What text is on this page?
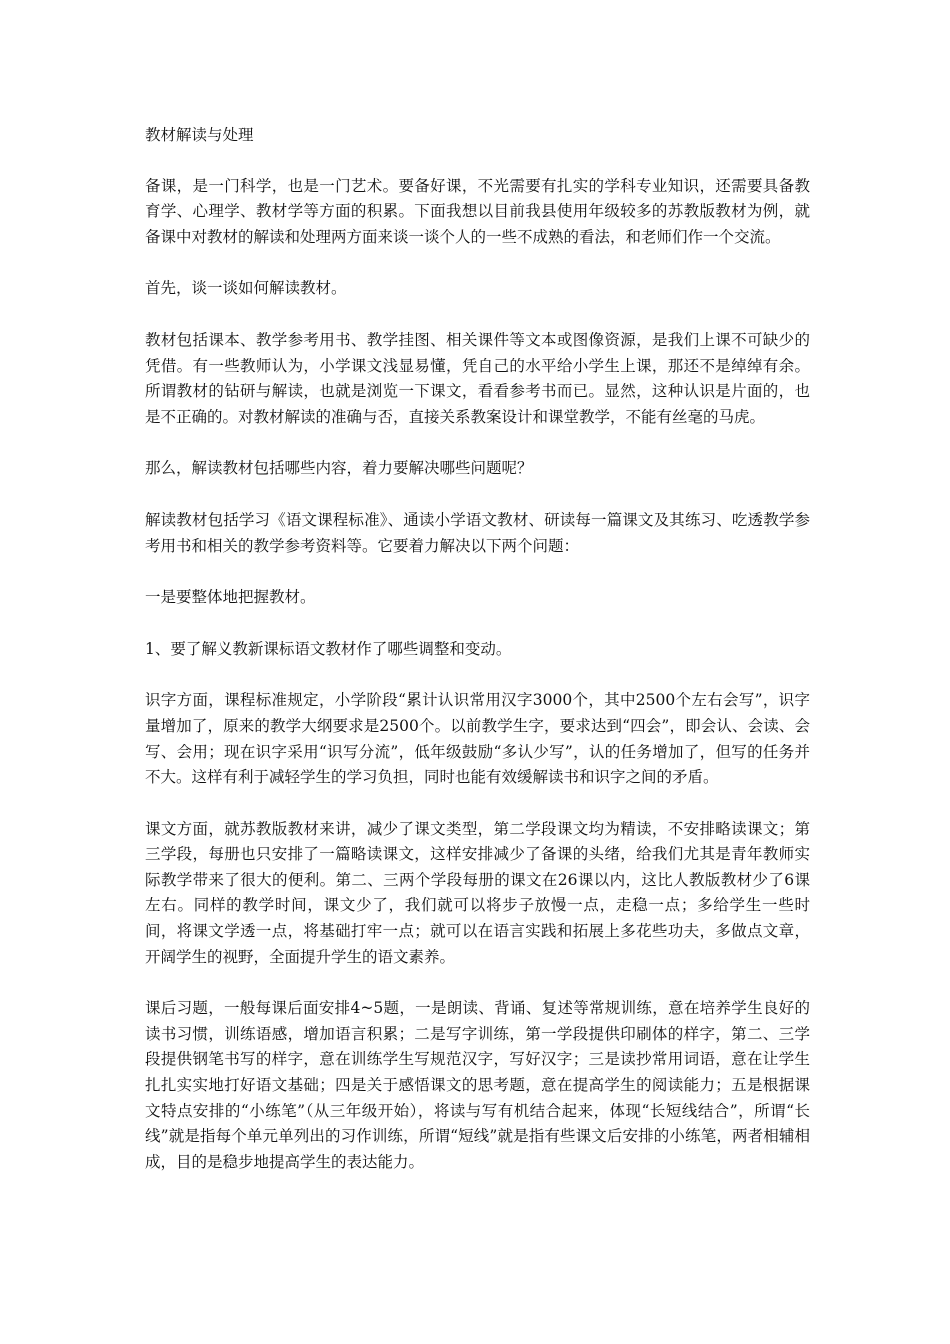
教材解读与处理

备课，是一门科学，也是一门艺术。要备好课，不光需要有扎实的学科专业知识，还需要具备教育学、心理学、教材学等方面的积累。下面我想以目前我县使用年级较多的苏教版教材为例，就备课中对教材的解读和处理两方面来谈一谈个人的一些不成熟的看法，和老师们作一个交流。

首先，谈一谈如何解读教材。

教材包括课本、教学参考用书、教学挂图、相关课件等文本或图像资源，是我们上课不可缺少的凭借。有一些教师认为，小学课文浅显易懂，凭自己的水平给小学生上课，那还不是绰绰有余。所谓教材的钻研与解读，也就是浏览一下课文，看看参考书而已。显然，这种认识是片面的，也是不正确的。对教材解读的准确与否，直接关系教案设计和课堂教学，不能有丝毫的马虎。

那么，解读教材包括哪些内容，着力要解决哪些问题呢？

解读教材包括学习《语文课程标准》、通读小学语文教材、研读每一篇课文及其练习、吃透教学参考用书和相关的教学参考资料等。它要着力解决以下两个问题：

一是要整体地把握教材。

1、要了解义教新课标语文教材作了哪些调整和变动。

识字方面，课程标准规定，小学阶段“累计认识常用汉字3000个，其中2500个左右会写”，识字量增加了，原来的教学大纲要求是2500个。以前教学生字，要求达到“四会”，即会认、会读、会写、会用；现在识字采用“识写分流”，低年级鼓励“多认少写”，认的任务增加了，但写的任务并不大。这样有利于减轻学生的学习负担，同时也能有效缓解读书和识字之间的矛盾。

课文方面，就苏教版教材来讲，减少了课文类型，第二学段课文均为精读，不安排略读课文；第三学段，每册也只安排了一篇略读课文，这样安排减少了备课的头绪，给我们尤其是青年教师实际教学带来了很大的便利。第二、三两个学段每册的课文在26课以内，这比人教版教材少了6课左右。同样的教学时间，课文少了，我们就可以将步子放慢一点，走稳一点；多给学生一些时间，将课文学透一点，将基础打牢一点；就可以在语言实践和拓展上多花些功夫，多做点文章，开阔学生的视野，全面提升学生的语文素养。

课后习题，一般每课后面安排4~5题，一是朗读、背诵、复述等常规训练，意在培养学生良好的读书习惯，训练语感，增加语言积累；二是写字训练，第一学段提供印刷体的样字，第二、三学段提供钢笔书写的样字，意在训练学生写规范汉字，写好汉字；三是读抄常用词语，意在让学生扎扎实实地打好语文基础；四是关于感悟课文的思考题，意在提高学生的阅读能力；五是根据课文特点安排的“小练笔”（从三年级开始），将读与写有机结合起来，体现“长短线结合”，所谓“长线”就是指每个单元单列出的习作训练，所谓“短线”就是指有些课文后安排的小练笔，两者相辅相成，目的是稳步地提高学生的表达能力。
